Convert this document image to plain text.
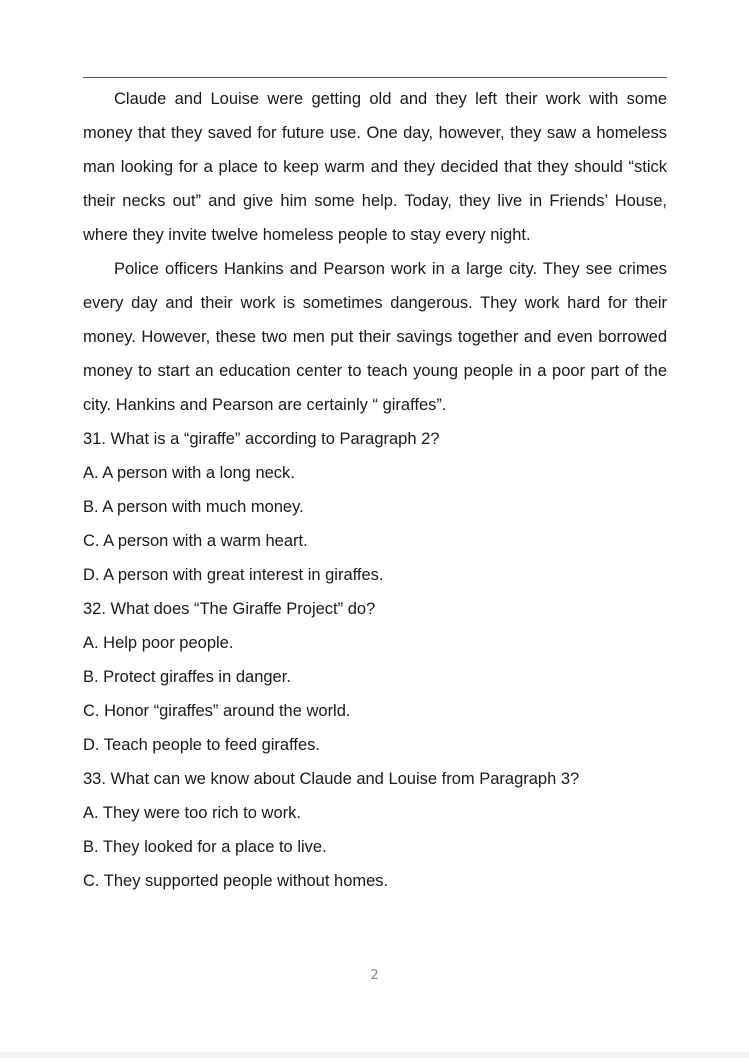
Claude and Louise were getting old and they left their work with some money that they saved for future use. One day, however, they saw a homeless man looking for a place to keep warm and they decided that they should “stick their necks out” and give him some help. Today, they live in Friends’ House, where they invite twelve homeless people to stay every night.

Police officers Hankins and Pearson work in a large city. They see crimes every day and their work is sometimes dangerous. They work hard for their money. However, these two men put their savings together and even borrowed money to start an education center to teach young people in a poor part of the city. Hankins and Pearson are certainly “ giraffes”.

31. What is a “giraffe” according to Paragraph 2?

A. A person with a long neck.

B. A person with much money.

C. A person with a warm heart.

D. A person with great interest in giraffes.

32. What does “The Giraffe Project” do?

A. Help poor people.

B. Protect giraffes in danger.

C. Honor “giraffes” around the world.

D. Teach people to feed giraffes.

33. What can we know about Claude and Louise from Paragraph 3?

A. They were too rich to work.

B. They looked for a place to live.

C. They supported people without homes.

2
